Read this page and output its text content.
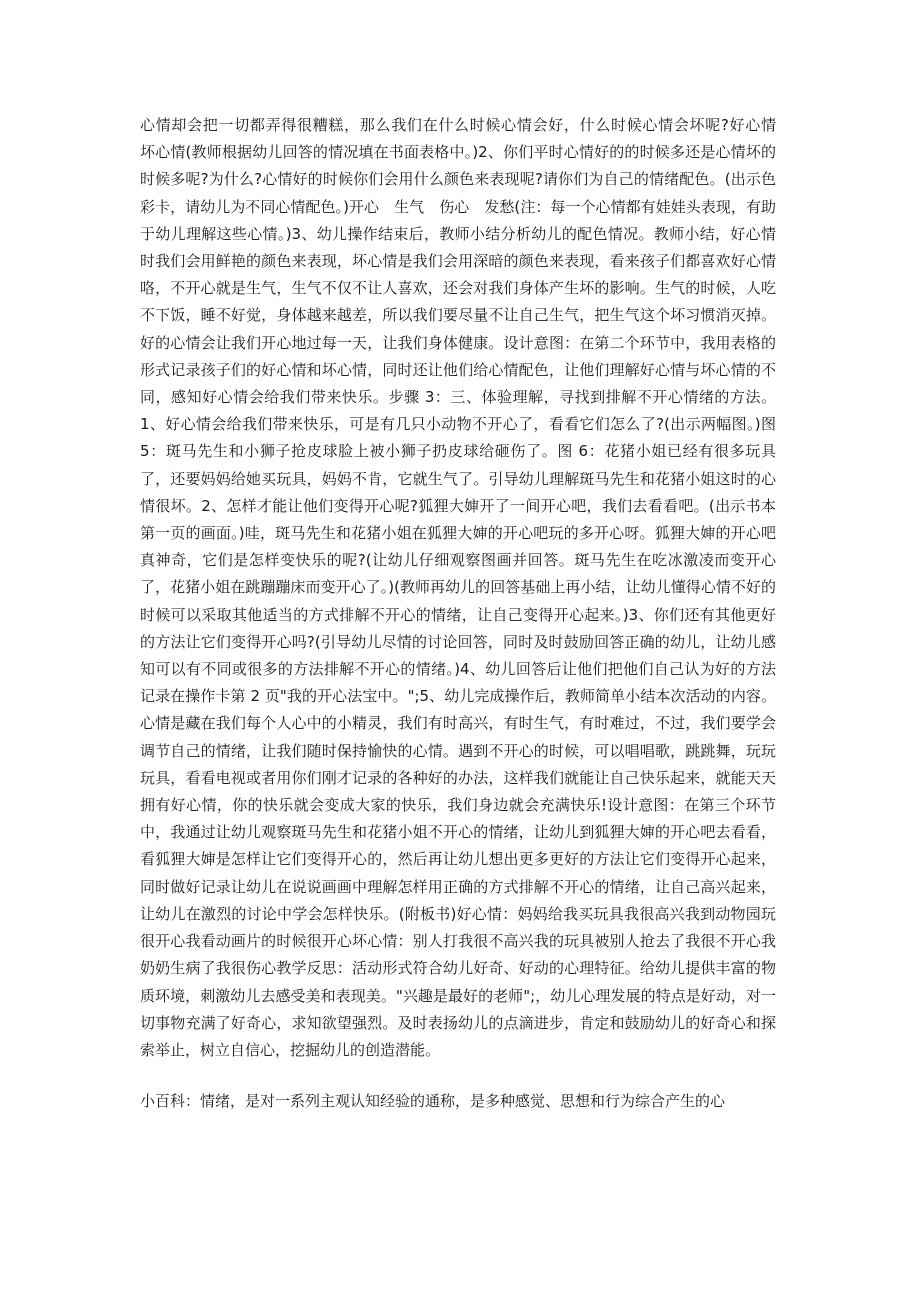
心情却会把一切都弄得很糟糕，那么我们在什么时候心情会好，什么时候心情会坏呢?好心情　　坏心情(教师根据幼儿回答的情况填在书面表格中。)2、你们平时心情好的的时候多还是心情坏的时候多呢?为什么?心情好的时候你们会用什么颜色来表现呢?请你们为自己的情绪配色。(出示色彩卡，请幼儿为不同心情配色。)开心　生气　伤心　发愁(注：每一个心情都有娃娃头表现，有助于幼儿理解这些心情。)3、幼儿操作结束后，教师小结分析幼儿的配色情况。教师小结，好心情时我们会用鲜艳的颜色来表现，坏心情是我们会用深暗的颜色来表现，看来孩子们都喜欢好心情咯，不开心就是生气，生气不仅不让人喜欢，还会对我们身体产生坏的影响。生气的时候，人吃不下饭，睡不好觉，身体越来越差，所以我们要尽量不让自己生气，把生气这个坏习惯消灭掉。好的心情会让我们开心地过每一天，让我们身体健康。设计意图：在第二个环节中，我用表格的形式记录孩子们的好心情和坏心情，同时还让他们给心情配色，让他们理解好心情与坏心情的不同，感知好心情会给我们带来快乐。步骤 3：三、体验理解，寻找到排解不开心情绪的方法。1、好心情会给我们带来快乐，可是有几只小动物不开心了，看看它们怎么了?(出示两幅图。)图 5：斑马先生和小狮子抢皮球脸上被小狮子扔皮球给砸伤了。图 6：花猪小姐已经有很多玩具了，还要妈妈给她买玩具，妈妈不肯，它就生气了。引导幼儿理解斑马先生和花猪小姐这时的心情很坏。2、怎样才能让他们变得开心呢?狐狸大婶开了一间开心吧，我们去看看吧。(出示书本第一页的画面。)哇，斑马先生和花猪小姐在狐狸大婶的开心吧玩的多开心呀。狐狸大婶的开心吧真神奇，它们是怎样变快乐的呢?(让幼儿仔细观察图画并回答。斑马先生在吃冰激凌而变开心了，花猪小姐在跳蹦蹦床而变开心了。)(教师再幼儿的回答基础上再小结，让幼儿懂得心情不好的时候可以采取其他适当的方式排解不开心的情绪，让自己变得开心起来。)3、你们还有其他更好的方法让它们变得开心吗?(引导幼儿尽情的讨论回答，同时及时鼓励回答正确的幼儿，让幼儿感知可以有不同或很多的方法排解不开心的情绪。)4、幼儿回答后让他们把他们自己认为好的方法记录在操作卡第 2 页"我的开心法宝中。";5、幼儿完成操作后，教师简单小结本次活动的内容。心情是藏在我们每个人心中的小精灵，我们有时高兴，有时生气，有时难过，不过，我们要学会调节自己的情绪，让我们随时保持愉快的心情。遇到不开心的时候，可以唱唱歌，跳跳舞，玩玩玩具，看看电视或者用你们刚才记录的各种好的办法，这样我们就能让自己快乐起来，就能天天拥有好心情，你的快乐就会变成大家的快乐，我们身边就会充满快乐!设计意图：在第三个环节中，我通过让幼儿观察斑马先生和花猪小姐不开心的情绪，让幼儿到狐狸大婶的开心吧去看看，看狐狸大婶是怎样让它们变得开心的，然后再让幼儿想出更多更好的方法让它们变得开心起来，同时做好记录让幼儿在说说画画中理解怎样用正确的方式排解不开心的情绪，让自己高兴起来，让幼儿在激烈的讨论中学会怎样快乐。(附板书)好心情：妈妈给我买玩具我很高兴我到动物园玩很开心我看动画片的时候很开心坏心情：别人打我很不高兴我的玩具被别人抢去了我很不开心我奶奶生病了我很伤心教学反思：活动形式符合幼儿好奇、好动的心理特征。给幼儿提供丰富的物质环境，刺激幼儿去感受美和表现美。"兴趣是最好的老师";，幼儿心理发展的特点是好动，对一切事物充满了好奇心，求知欲望强烈。及时表扬幼儿的点滴进步，肯定和鼓励幼儿的好奇心和探索举止，树立自信心，挖掘幼儿的创造潜能。

小百科：情绪，是对一系列主观认知经验的通称，是多种感觉、思想和行为综合产生的心
